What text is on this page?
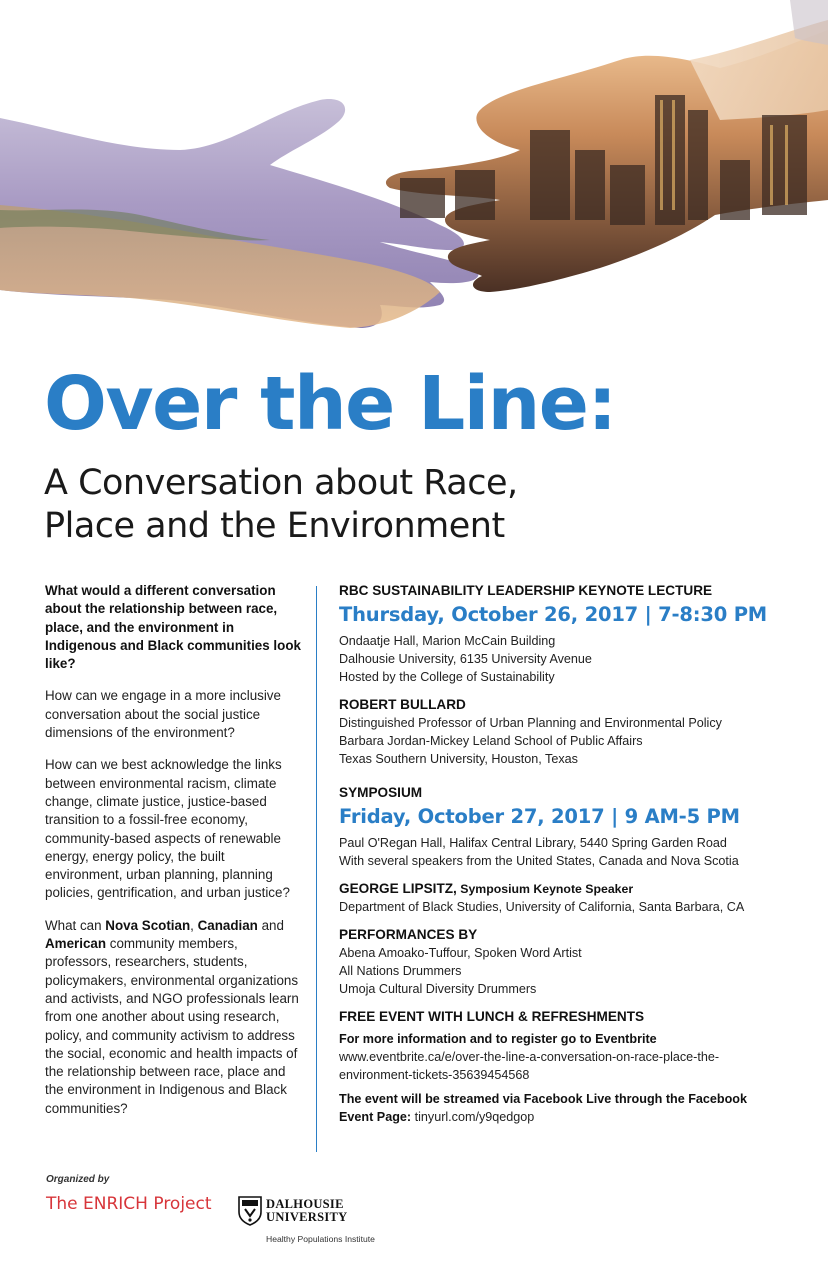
Over the Line:
A Conversation about Race,
Place and the Environment

What would a different conversation about the relationship between race, place, and the environment in Indigenous and Black communities look like?

How can we engage in a more inclusive conversation about the social justice dimensions of the environment?

How can we best acknowledge the links between environmental racism, climate change, climate justice, justice-based transition to a fossil-free economy, community-based aspects of renewable energy, energy policy, the built environment, urban planning, planning policies, gentrification, and urban justice?

What can Nova Scotian, Canadian and American community members, professors, researchers, students, policymakers, environmental organizations and activists, and NGO professionals learn from one another about using research, policy, and community activism to address the social, economic and health impacts of the relationship between race, place and the environment in Indigenous and Black communities?

RBC SUSTAINABILITY LEADERSHIP KEYNOTE LECTURE

Thursday, October 26, 2017 | 7-8:30 PM

Ondaatje Hall, Marion McCain Building

Dalhousie University, 6135 University Avenue

Hosted by the College of Sustainability

ROBERT BULLARD

Distinguished Professor of Urban Planning and Environmental Policy

Barbara Jordan-Mickey Leland School of Public Affairs

Texas Southern University, Houston, Texas

SYMPOSIUM

Friday, October 27, 2017 | 9 AM-5 PM

Paul O'Regan Hall, Halifax Central Library, 5440 Spring Garden Road

With several speakers from the United States, Canada and Nova Scotia

GEORGE LIPSITZ, Symposium Keynote Speaker

Department of Black Studies, University of California, Santa Barbara, CA

PERFORMANCES BY

Abena Amoako-Tuffour, Spoken Word Artist

All Nations Drummers

Umoja Cultural Diversity Drummers

FREE EVENT WITH LUNCH & REFRESHMENTS

For more information and to register go to Eventbrite

www.eventbrite.ca/e/over-the-line-a-conversation-on-race-place-the-

environment-tickets-35639454568

The event will be streamed via Facebook Live through the Facebook

Event Page: tinyurl.com/y9qedgop

Organized by
The ENRICH Project	DALHOUSIE
UNIVERSITY
Healthy Populations Institute
